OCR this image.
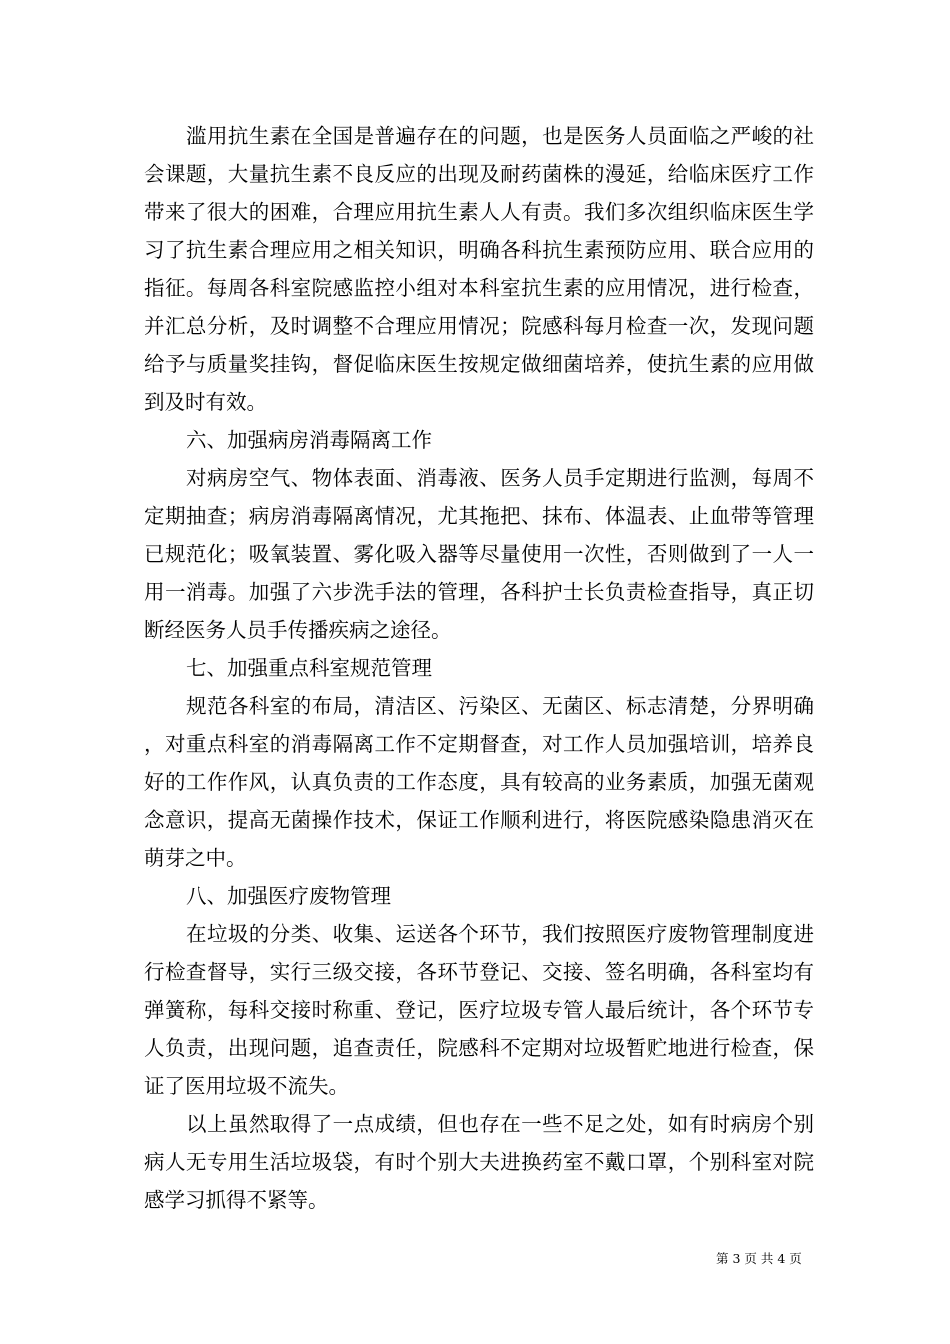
滥用抗生素在全国是普遍存在的问题，也是医务人员面临之严峻的社会课题，大量抗生素不良反应的出现及耐药菌株的漫延，给临床医疗工作带来了很大的困难，合理应用抗生素人人有责。我们多次组织临床医生学习了抗生素合理应用之相关知识，明确各科抗生素预防应用、联合应用的指征。每周各科室院感监控小组对本科室抗生素的应用情况，进行检查，并汇总分析，及时调整不合理应用情况；院感科每月检查一次，发现问题给予与质量奖挂钩，督促临床医生按规定做细菌培养，使抗生素的应用做到及时有效。

六、加强病房消毒隔离工作

对病房空气、物体表面、消毒液、医务人员手定期进行监测，每周不定期抽查；病房消毒隔离情况，尤其拖把、抹布、体温表、止血带等管理已规范化；吸氧装置、雾化吸入器等尽量使用一次性，否则做到了一人一用一消毒。加强了六步洗手法的管理，各科护士长负责检查指导，真正切断经医务人员手传播疾病之途径。

七、加强重点科室规范管理

规范各科室的布局，清洁区、污染区、无菌区、标志清楚，分界明确，对重点科室的消毒隔离工作不定期督查，对工作人员加强培训，培养良好的工作作风，认真负责的工作态度，具有较高的业务素质，加强无菌观念意识，提高无菌操作技术，保证工作顺利进行，将医院感染隐患消灭在萌芽之中。

八、加强医疗废物管理

在垃圾的分类、收集、运送各个环节，我们按照医疗废物管理制度进行检查督导，实行三级交接，各环节登记、交接、签名明确，各科室均有弹簧称，每科交接时称重、登记，医疗垃圾专管人最后统计，各个环节专人负责，出现问题，追查责任，院感科不定期对垃圾暂贮地进行检查，保证了医用垃圾不流失。

以上虽然取得了一点成绩，但也存在一些不足之处，如有时病房个别病人无专用生活垃圾袋，有时个别大夫进换药室不戴口罩，个别科室对院感学习抓得不紧等。

第 3 页 共 4 页
